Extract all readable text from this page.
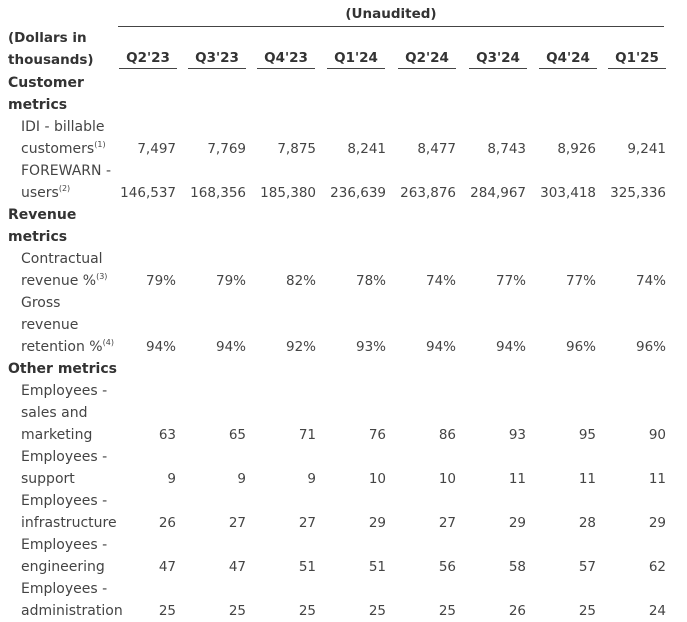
(Unaudited)
(Dollars in
thousands)	Q2'23	Q3'23	Q4'23	Q1'24	Q2'24	Q3'24	Q4'24	Q1'25
Customer
metrics
IDI - billable
customers$^{(1)}$ 7,497 7,769 7,875 8,241 8,477 8,743 8,926 9,241
FOREWARN -
users$^{(2)}$	146,537 168,356 185,380 236,639 263,876 284,967 303,418 325,336
Revenue
metrics
Contractual
revenue %$^{(3)}$	79%	79%	82%	78%	74%	77%	77%	74%
Gross
revenue
retention %$^{(4)}$ 94%	94%	92%	93%	94%	94%	96%	96%
Other metrics
Employees -
sales and
marketing	63	65	71	76	86	93	95	90
Employees -
support	9	9	9	10	10	11	11	11
Employees -
infrastructure	26	27	27	29	27	29	28	29
Employees -
engineering	47	47	51	51	56	58	57	62
Employees -
administration	25	25	25	25	25	26	25	24
